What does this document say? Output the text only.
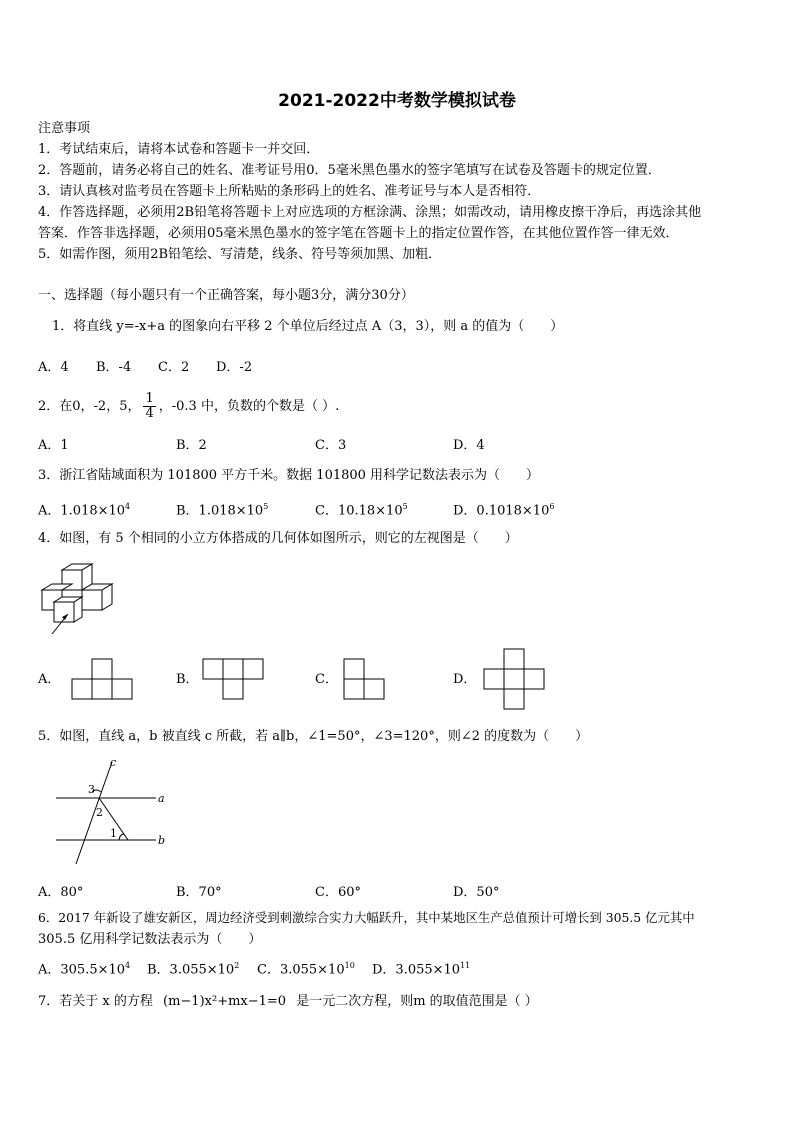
2021-2022中考数学模拟试卷
注意事项
1．考试结束后，请将本试卷和答题卡一并交回．
2．答题前，请务必将自己的姓名、准考证号用0．5毫米黑色墨水的签字笔填写在试卷及答题卡的规定位置．
3．请认真核对监考员在答题卡上所粘贴的条形码上的姓名、准考证号与本人是否相符．
4．作答选择题，必须用2B铅笔将答题卡上对应选项的方框涂满、涂黑；如需改动，请用橡皮擦干净后，再选涂其他
答案．作答非选择题，必须用05毫米黑色墨水的签字笔在答题卡上的指定位置作答，在其他位置作答一律无效．
5．如需作图，须用2B铅笔绘、写清楚，线条、符号等须加黑、加粗．
一、选择题（每小题只有一个正确答案，每小题3分，满分30分）
1．将直线 y=-x+a 的图象向右平移 2 个单位后经过点 A（3，3），则 a 的值为（　　）
A．4 B．-4 C．2 D．-2
2．在0，-2，5， $\frac{1}{4}$ ，-0.3 中，负数的个数是（ ）.
A．1	B．2	C．3	D．4
3．浙江省陆域面积为 101800 平方千米。数据 101800 用科学记数法表示为（　　）
A．$1.018\times 10^4$	B．$1.018\times 10^5$	C．$10.18\times 10^5$	D．$0.1018\times 10^6$
4．如图，有 5 个相同的小立方体搭成的几何体如图所示，则它的左视图是（　　）
A．	B．	C．	D．
5．如图，直线 a，b 被直线 c 所截，若 a∥b，∠1=50°，∠3=120°，则∠2 的度数为（　　）
c
a
b
3
2
1
A．80°	B．70°	C．60°	D．50°
6．2017 年新设了雄安新区，周边经济受到刺激综合实力大幅跃升，其中某地区生产总值预计可增长到 305.5 亿元其中
305.5 亿用科学记数法表示为（　　）
A．$305.5\times 10^4$ B．$3.055\times 10^2$ C．$3.055\times 10^{10}$ D．$3.055\times 10^{11}$
7．若关于 x 的方程 (m−1)x²+mx−1=0 是一元二次方程，则m 的取值范围是（ ）
